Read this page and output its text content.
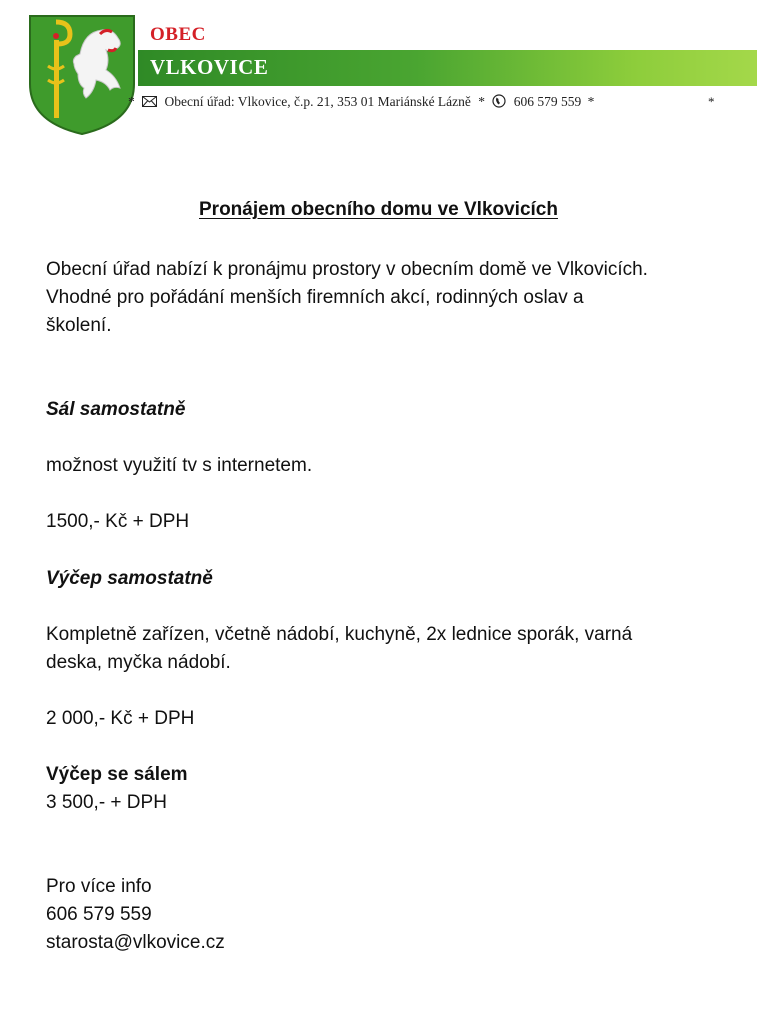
OBEC
VLKOVICE
* Obecní úřad: Vlkovice, č.p. 21, 353 01 Mariánské Lázně * 606 579 559 *	*
Pronájem obecního domu ve Vlkovicích
Obecní úřad nabízí k pronájmu prostory v obecním domě ve Vlkovicích.
Vhodné pro pořádání menších firemních akcí, rodinných oslav a
školení.
Sál samostatně
možnost využití tv s internetem.
1500,- Kč + DPH
Výčep samostatně
Kompletně zařízen, včetně nádobí, kuchyně, 2x lednice sporák, varná
deska, myčka nádobí.
2 000,- Kč + DPH
Výčep se sálem
3 500,- + DPH
Pro více info
606 579 559
starosta@vlkovice.cz
